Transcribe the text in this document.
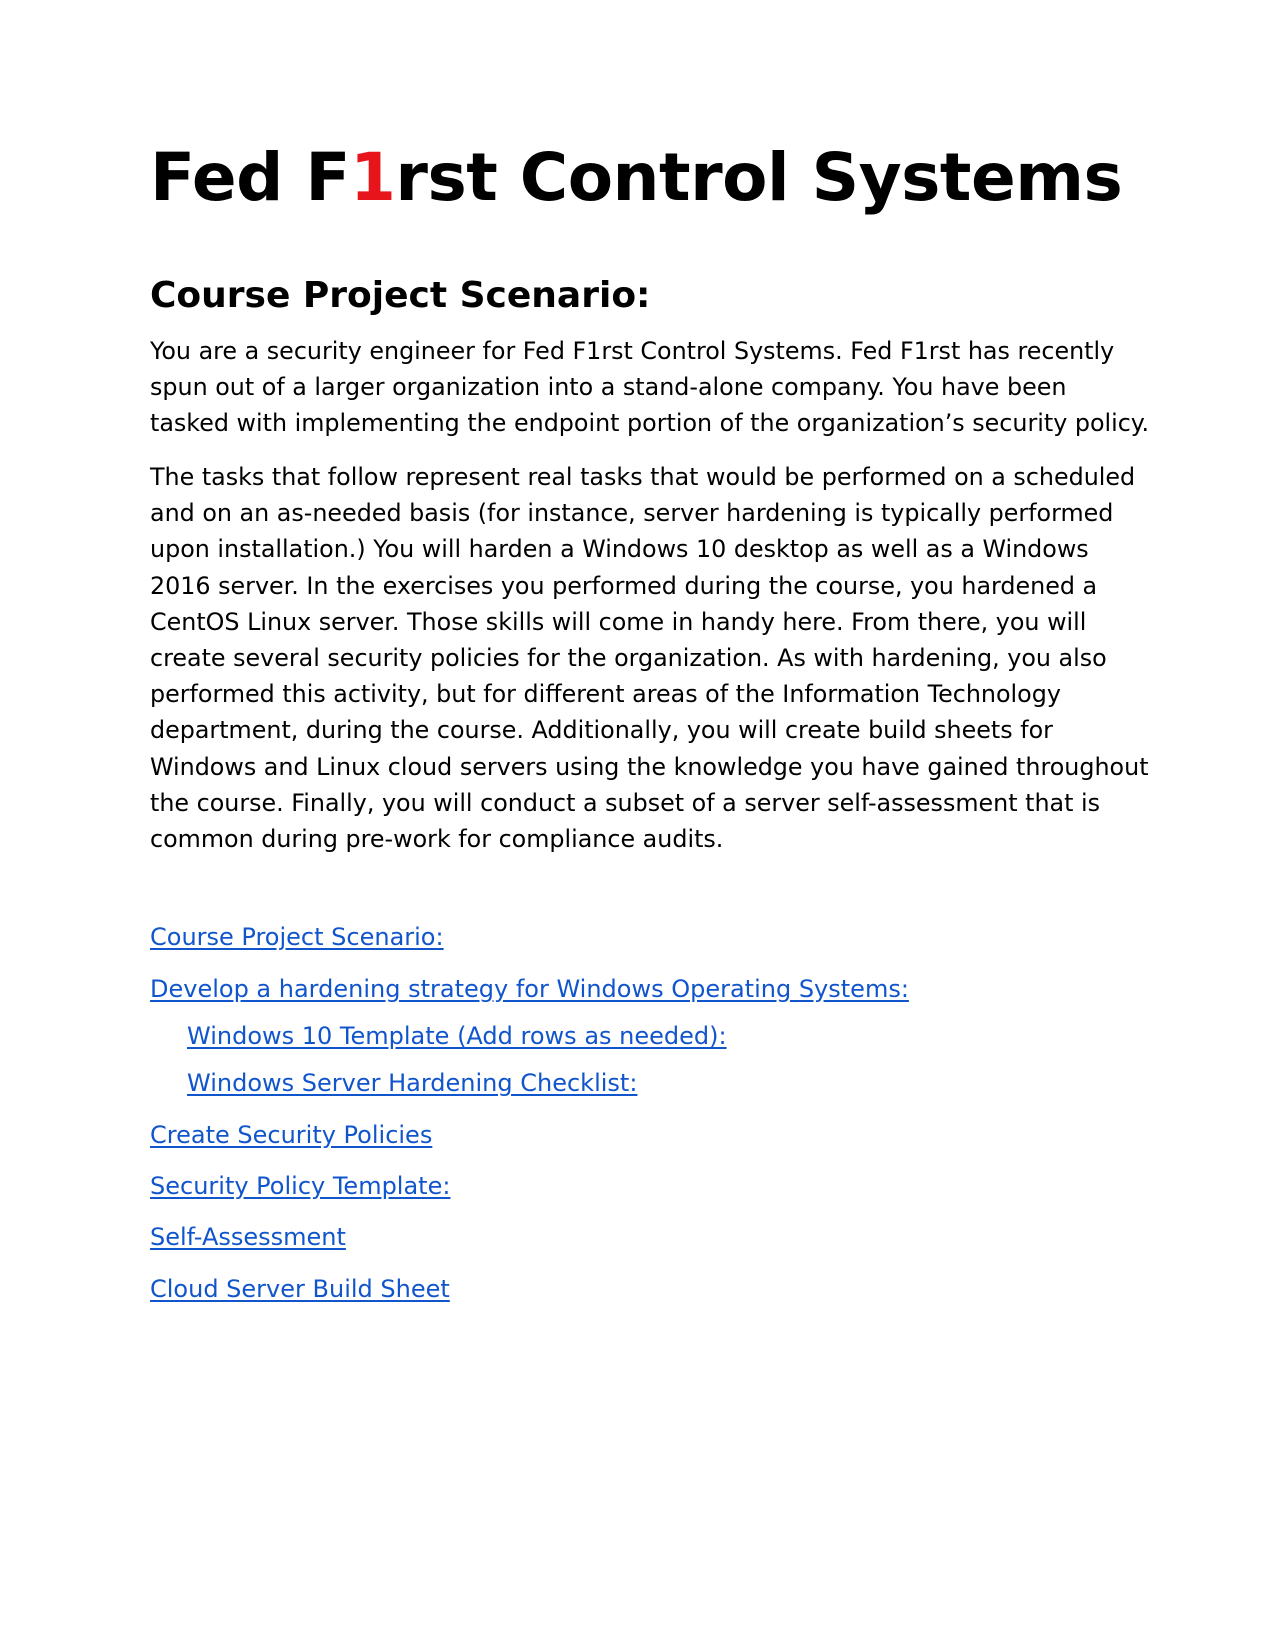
Fed F1rst Control Systems
Course Project Scenario:

You are a security engineer for Fed F1rst Control Systems. Fed F1rst has recently
spun out of a larger organization into a stand-alone company. You have been
tasked with implementing the endpoint portion of the organization’s security policy.

The tasks that follow represent real tasks that would be performed on a scheduled
and on an as-needed basis (for instance, server hardening is typically performed
upon installation.) You will harden a Windows 10 desktop as well as a Windows
2016 server. In the exercises you performed during the course, you hardened a
CentOS Linux server. Those skills will come in handy here. From there, you will
create several security policies for the organization. As with hardening, you also
performed this activity, but for different areas of the Information Technology
department, during the course. Additionally, you will create build sheets for
Windows and Linux cloud servers using the knowledge you have gained throughout
the course. Finally, you will conduct a subset of a server self-assessment that is
common during pre-work for compliance audits.

Course Project Scenario:
Develop a hardening strategy for Windows Operating Systems:
Windows 10 Template (Add rows as needed):
Windows Server Hardening Checklist:
Create Security Policies
Security Policy Template:
Self-Assessment
Cloud Server Build Sheet
